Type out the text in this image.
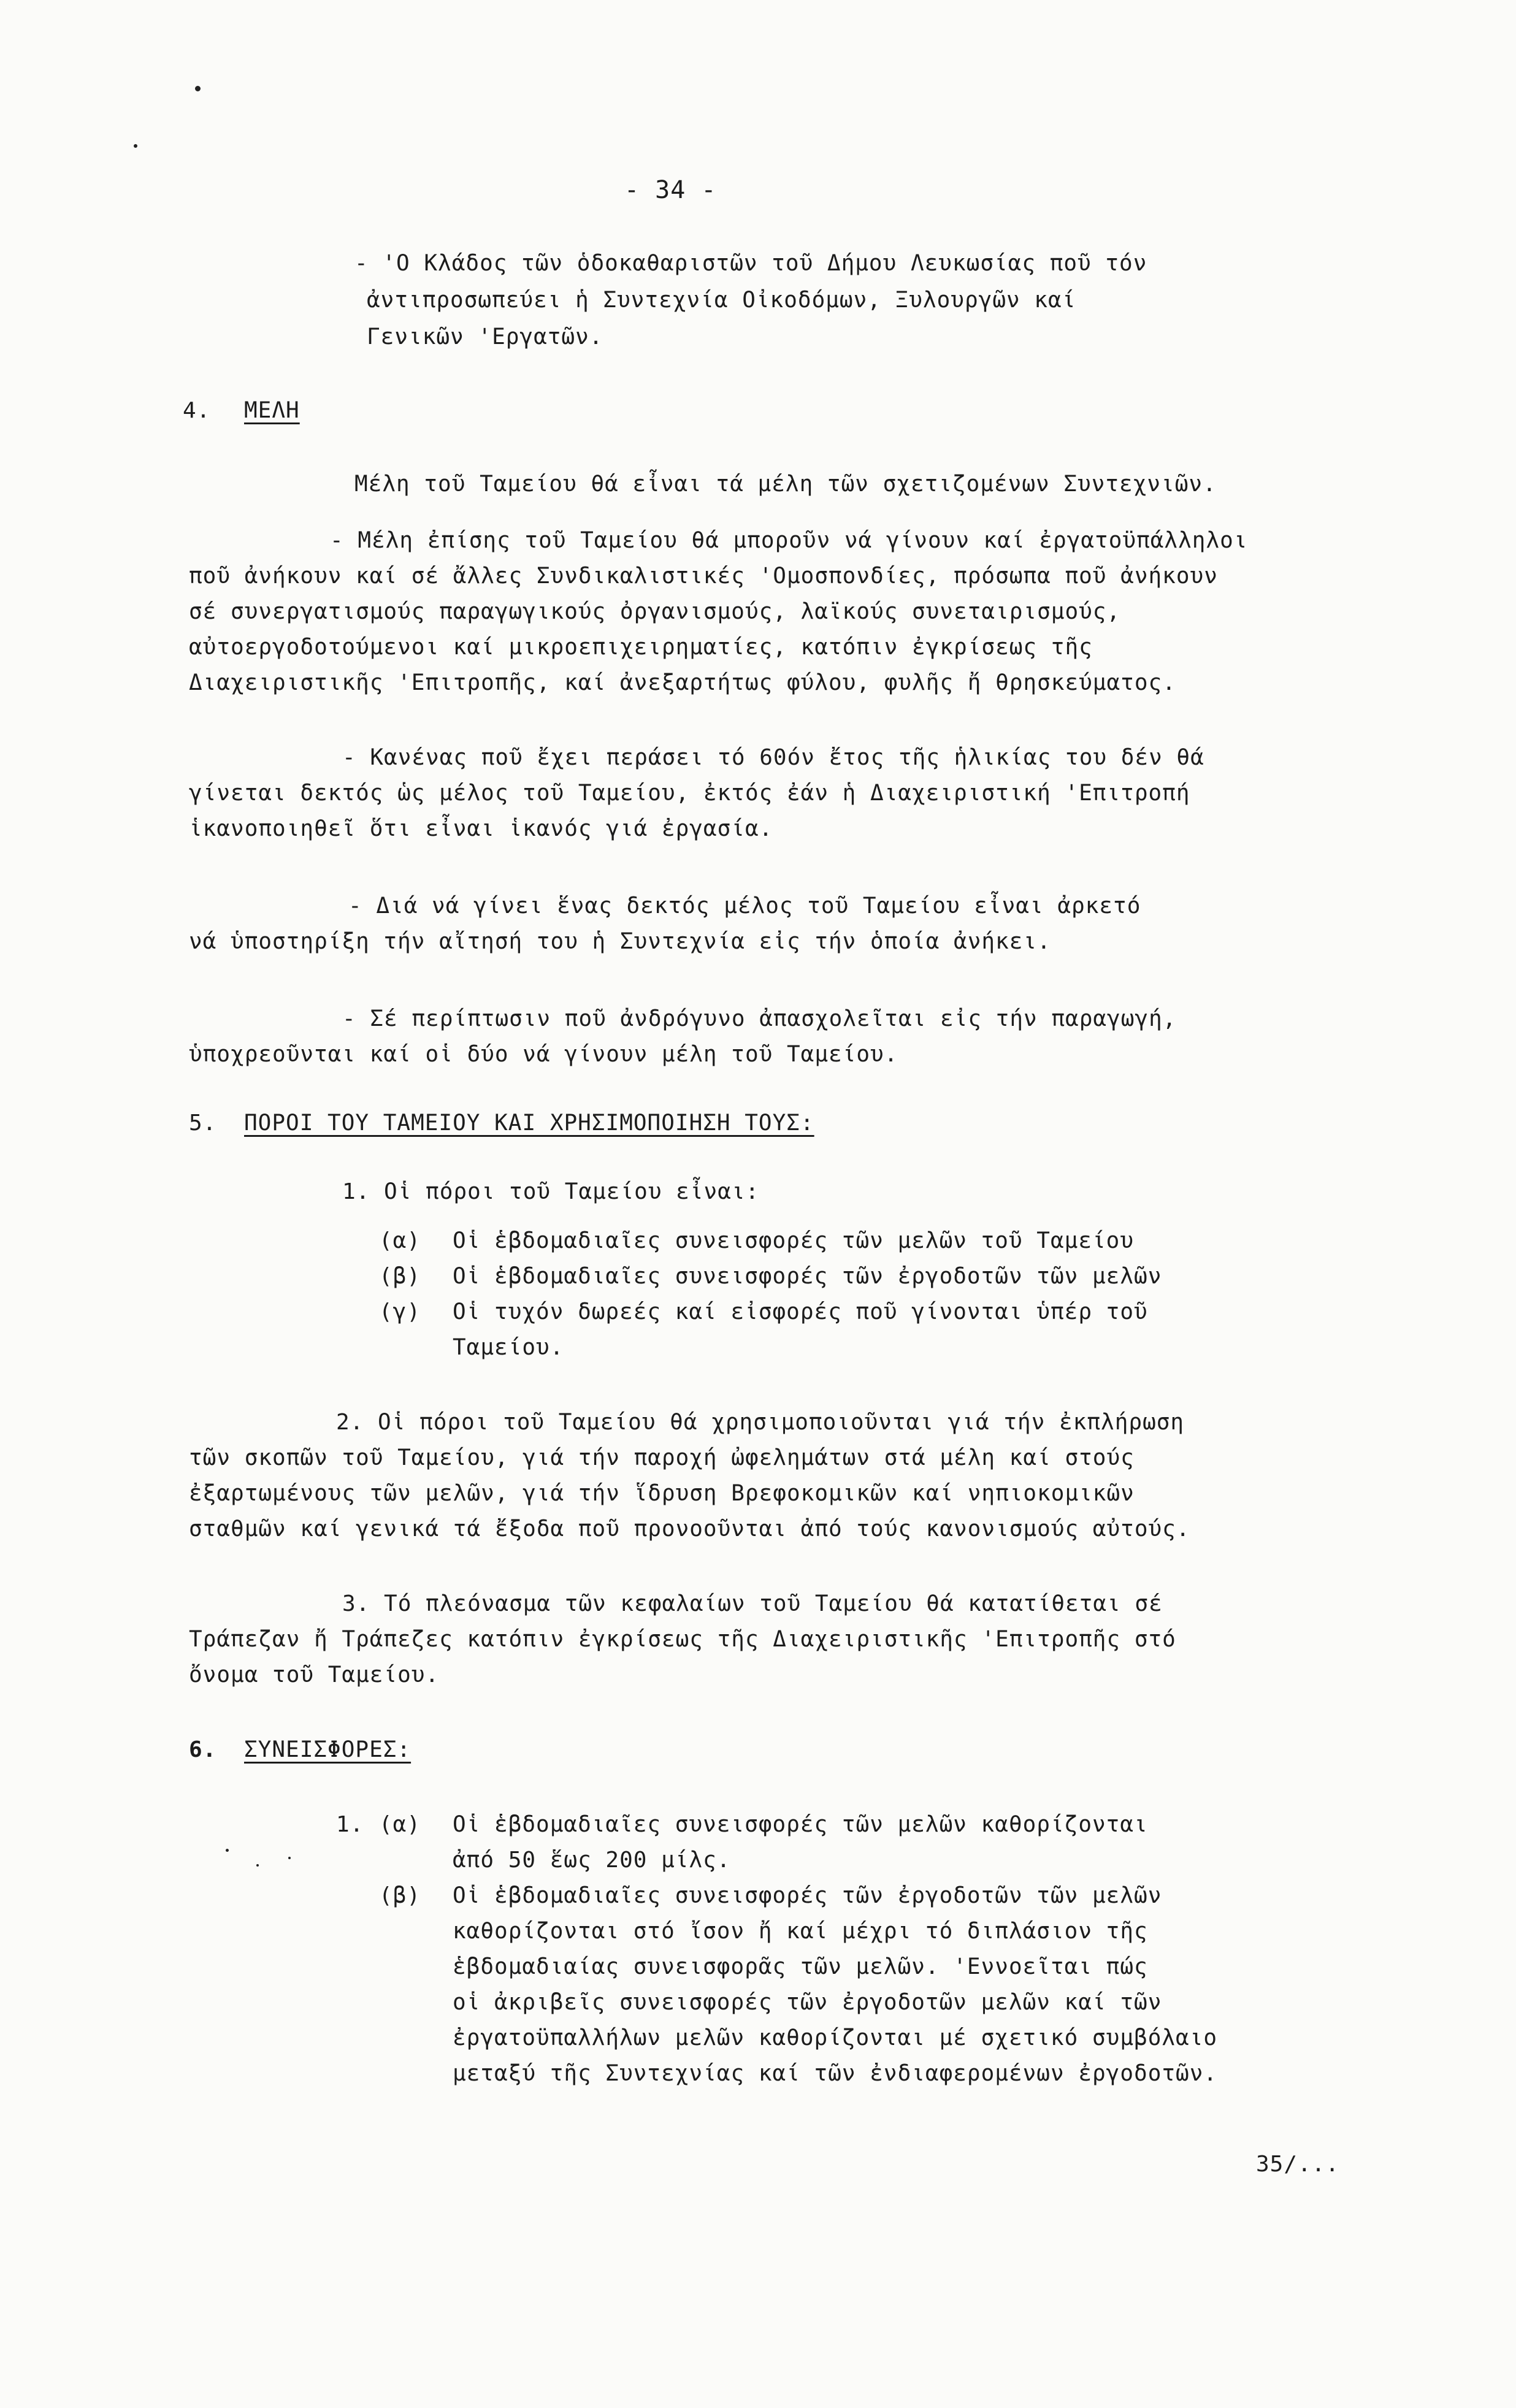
- 34 -
- 'Ο Κλάδος τῶν ὁδοκαθαριστῶν τοῦ Δήμου Λευκωσίας ποῦ τόν
ἀντιπροσωπεύει ἡ Συντεχνία Οἰκοδόμων, Ξυλουργῶν καί
Γενικῶν 'Εργατῶν.
4. ΜΕΛΗ
Μέλη τοῦ Ταμείου θά εἶναι τά μέλη τῶν σχετιζομένων Συντεχνιῶν.
- Μέλη ἐπίσης τοῦ Ταμείου θά μποροῦν νά γίνουν καί ἐργατοϋπάλληλοι
ποῦ ἀνήκουν καί σέ ἄλλες Συνδικαλιστικές 'Ομοσπονδίες, πρόσωπα ποῦ ἀνήκουν
σέ συνεργατισμούς παραγωγικούς ὀργανισμούς, λαϊκούς συνεταιρισμούς,
αὐτοεργοδοτούμενοι καί μικροεπιχειρηματίες, κατόπιν ἐγκρίσεως τῆς
Διαχειριστικῆς 'Επιτροπῆς, καί ἀνεξαρτήτως φύλου, φυλῆς ἤ θρησκεύματος.
- Κανένας ποῦ ἔχει περάσει τό 60όν ἔτος τῆς ἡλικίας του δέν θά
γίνεται δεκτός ὡς μέλος τοῦ Ταμείου, ἐκτός ἐάν ἡ Διαχειριστική 'Επιτροπή
ἱκανοποιηθεῖ ὅτι εἶναι ἱκανός γιά ἐργασία.
- Διά νά γίνει ἕνας δεκτός μέλος τοῦ Ταμείου εἶναι ἀρκετό
νά ὑποστηρίξη τήν αἴτησή του ἡ Συντεχνία εἰς τήν ὁποία ἀνήκει.
- Σέ περίπτωσιν ποῦ ἀνδρόγυνο ἀπασχολεῖται εἰς τήν παραγωγή,
ὑποχρεοῦνται καί οἱ δύο νά γίνουν μέλη τοῦ Ταμείου.
5. ΠΟΡΟΙ ΤΟΥ ΤΑΜΕΙΟΥ ΚΑΙ ΧΡΗΣΙΜΟΠΟΙΗΣΗ ΤΟΥΣ:
1. Οἱ πόροι τοῦ Ταμείου εἶναι:
(α) Οἱ ἑβδομαδιαῖες συνεισφορές τῶν μελῶν τοῦ Ταμείου
(β) Οἱ ἑβδομαδιαῖες συνεισφορές τῶν ἐργοδοτῶν τῶν μελῶν
(γ) Οἱ τυχόν δωρεές καί εἰσφορές ποῦ γίνονται ὑπέρ τοῦ
Ταμείου.
2. Οἱ πόροι τοῦ Ταμείου θά χρησιμοποιοῦνται γιά τήν ἐκπλήρωση
τῶν σκοπῶν τοῦ Ταμείου, γιά τήν παροχή ὠφελημάτων στά μέλη καί στούς
ἐξαρτωμένους τῶν μελῶν, γιά τήν ἵδρυση Βρεφοκομικῶν καί νηπιοκομικῶν
σταθμῶν καί γενικά τά ἔξοδα ποῦ προνοοῦνται ἀπό τούς κανονισμούς αὐτούς.
3. Τό πλεόνασμα τῶν κεφαλαίων τοῦ Ταμείου θά κατατίθεται σέ
Τράπεζαν ἤ Τράπεζες κατόπιν ἐγκρίσεως τῆς Διαχειριστικῆς 'Επιτροπῆς στό
ὄνομα τοῦ Ταμείου.
6. ΣΥΝΕΙΣΦΟΡΕΣ:
1. (α) Οἱ ἑβδομαδιαῖες συνεισφορές τῶν μελῶν καθορίζονται
ἀπό 50 ἕως 200 μίλς.
(β) Οἱ ἑβδομαδιαῖες συνεισφορές τῶν ἐργοδοτῶν τῶν μελῶν
καθορίζονται στό ἴσον ἤ καί μέχρι τό διπλάσιον τῆς
ἑβδομαδιαίας συνεισφορᾶς τῶν μελῶν. 'Εννοεῖται πώς
οἱ ἀκριβεῖς συνεισφορές τῶν ἐργοδοτῶν μελῶν καί τῶν
ἐργατοϋπαλλήλων μελῶν καθορίζονται μέ σχετικό συμβόλαιο
μεταξύ τῆς Συντεχνίας καί τῶν ἐνδιαφερομένων ἐργοδοτῶν.
35/...
